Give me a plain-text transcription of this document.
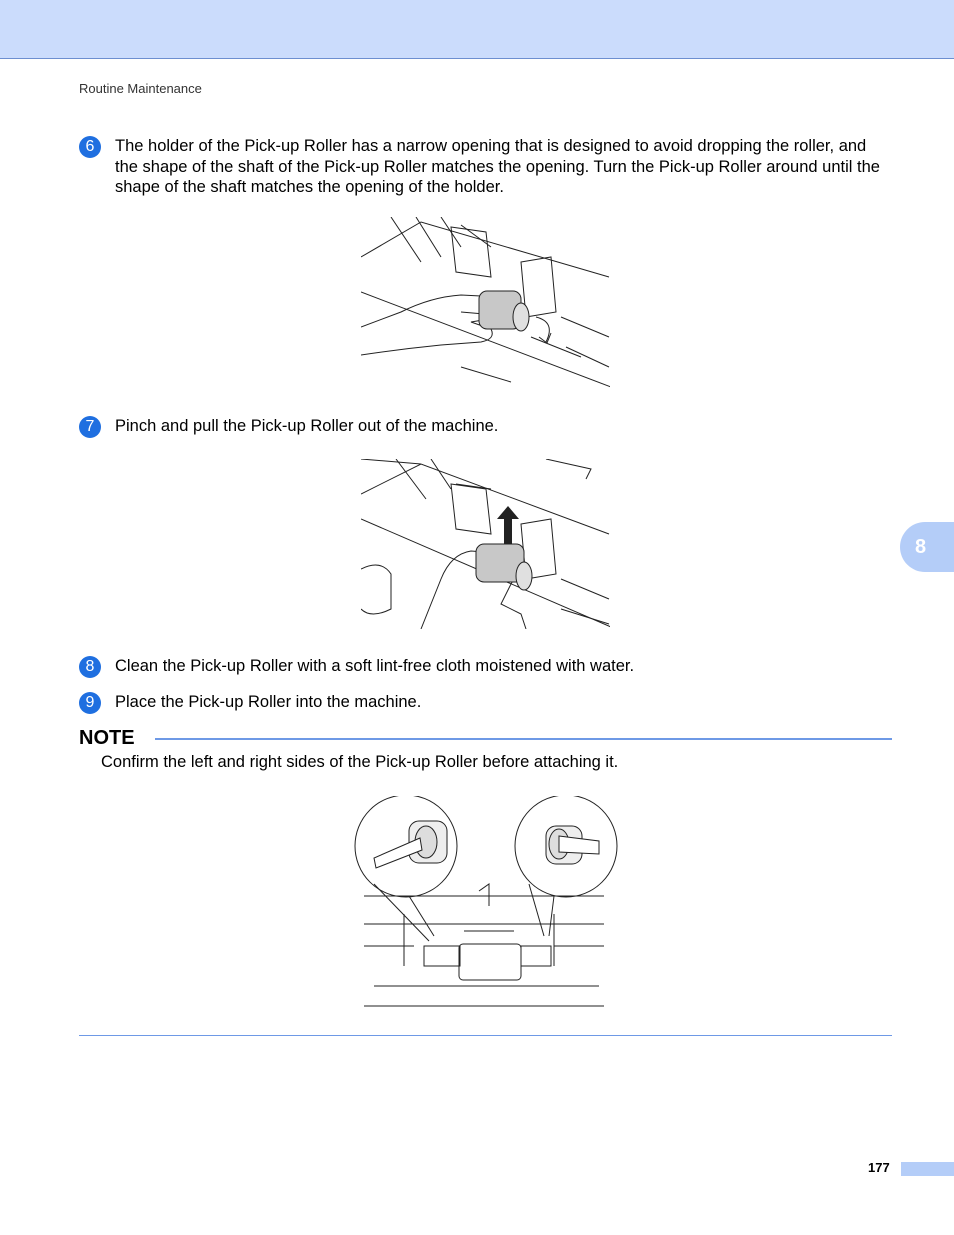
Routine Maintenance
6	The holder of the Pick-up Roller has a narrow opening that is designed to avoid dropping the roller, and the shape of the shaft of the Pick-up Roller matches the opening. Turn the Pick-up Roller around until the shape of the shaft matches the opening of the holder.
7	Pinch and pull the Pick-up Roller out of the machine.
8	Clean the Pick-up Roller with a soft lint-free cloth moistened with water.
9	Place the Pick-up Roller into the machine.
NOTE
Confirm the left and right sides of the Pick-up Roller before attaching it.
8
177
